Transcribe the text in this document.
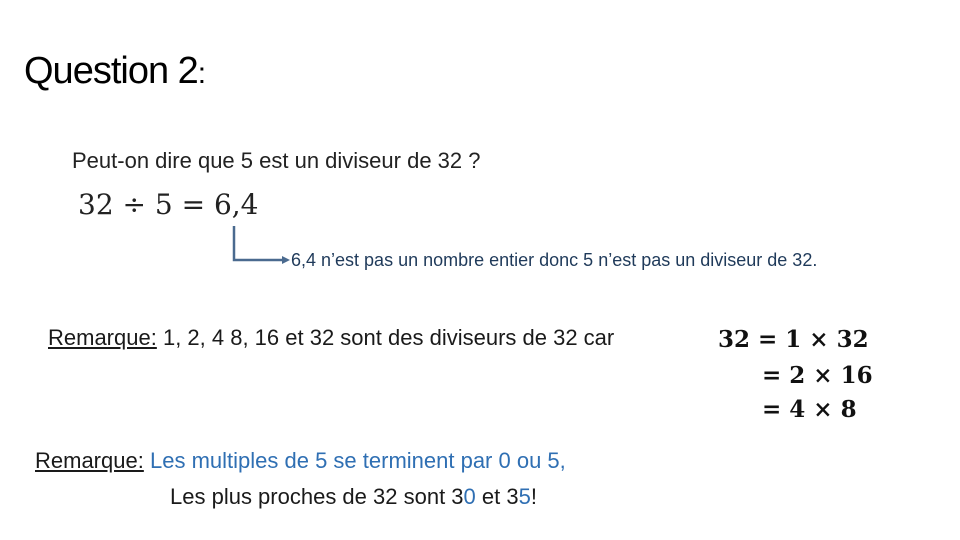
Question 2:
Peut-on dire que 5 est un diviseur de 32 ?
32 ÷ 5 = 6,4
6,4 n’est pas un nombre entier donc 5 n’est pas un diviseur de 32.
Remarque: 1, 2, 4 8, 16 et 32 sont des diviseurs de 32 car	32 = 1 × 32
= 2 × 16
= 4 × 8
Remarque: Les multiples de 5 se terminent par 0 ou 5,
Les plus proches de 32 sont 30 et 35!
